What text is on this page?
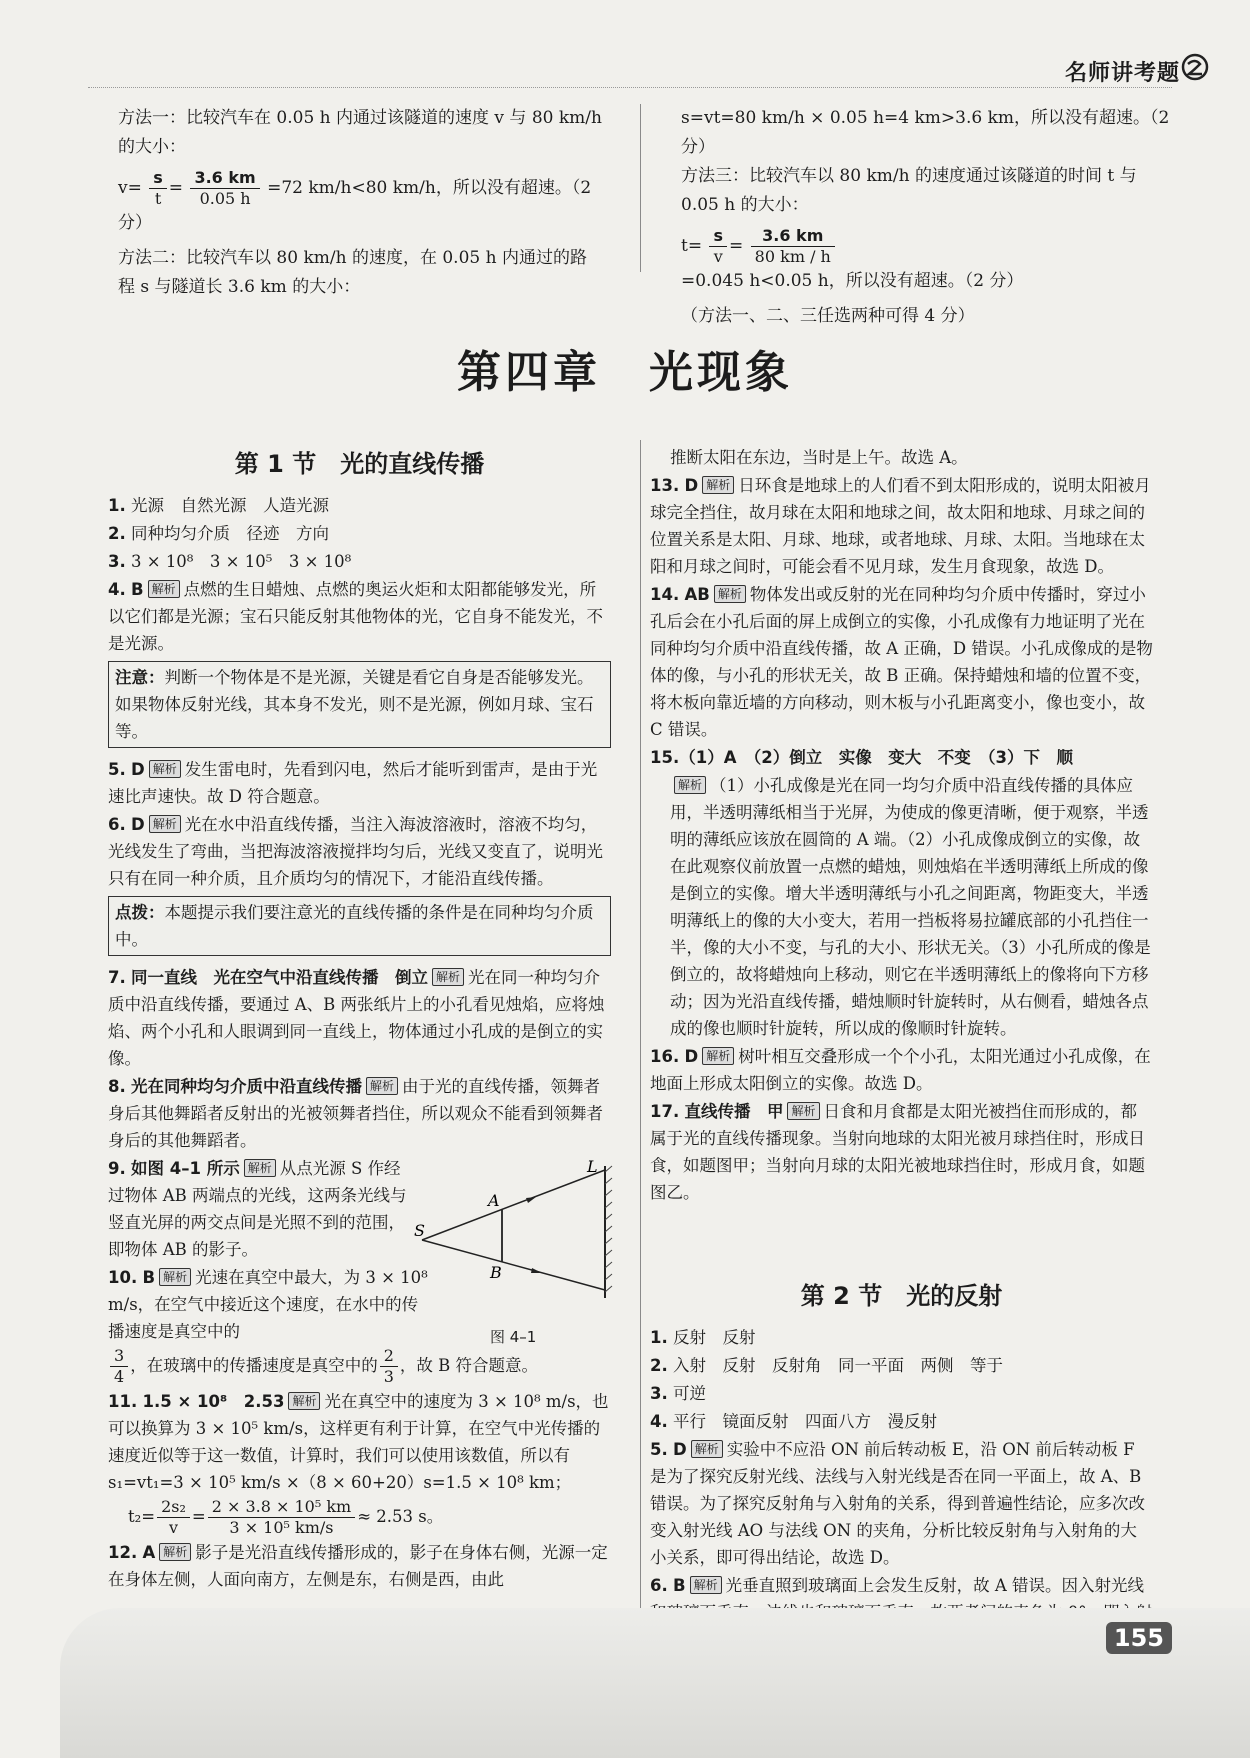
名师讲考题
方法一：比较汽车在 0.05 h 内通过该隧道的速度 v 与 80 km/h
的大小：
$v= \frac{s}{t} = \frac{3.6 km}{0.05 h} =72$ km/h<80 km/h，所以没有超速。（2 分）
方法二：比较汽车以 80 km/h 的速度，在 0.05 h 内通过的路
程 s 与隧道长 3.6 km 的大小：
s=vt=80 km/h × 0.05 h=4 km>3.6 km，所以没有超速。（2 分）
方法三：比较汽车以 80 km/h 的速度通过该隧道的时间 t 与
0.05 h 的大小：
$t= \frac{s}{v} = \frac{3.6 km}{80 km / h}$
=0.045 h<0.05 h，所以没有超速。（2 分）
（方法一、二、三任选两种可得 4 分）
第四章　光现象
第 1 节　光的直线传播

1. 光源　自然光源　人造光源

2. 同种均匀介质　径迹　方向

3. 3 × 10⁸　3 × 10⁵　3 × 10⁸

4. B 解析 点燃的生日蜡烛、点燃的奥运火炬和太阳都能够发光，所以它们都是光源；宝石只能反射其他物体的光，它自身不能发光，不是光源。

注意：判断一个物体是不是光源，关键是看它自身是否能够发光。如果物体反射光线，其本身不发光，则不是光源，例如月球、宝石等。

5. D 解析 发生雷电时，先看到闪电，然后才能听到雷声，是由于光速比声速快。故 D 符合题意。

6. D 解析 光在水中沿直线传播，当注入海波溶液时，溶液不均匀，光线发生了弯曲，当把海波溶液搅拌均匀后，光线又变直了，说明光只有在同一种介质，且介质均匀的情况下，才能沿直线传播。

点拨：本题提示我们要注意光的直线传播的条件是在同种均匀介质中。

7. 同一直线　光在空气中沿直线传播　倒立 解析 光在同一种均匀介质中沿直线传播，要通过 A、B 两张纸片上的小孔看见烛焰，应将烛焰、两个小孔和人眼调到同一直线上，物体通过小孔成的是倒立的实像。

8. 光在同种均匀介质中沿直线传播 解析 由于光的直线传播，领舞者身后其他舞蹈者反射出的光被领舞者挡住，所以观众不能看到领舞者身后的其他舞蹈者。

9. 如图 4–1 所示 解析 从点光源 S 作经过物体 AB 两端点的光线，这两条光线与竖直光屏的两交点间是光照不到的范围，即物体 AB 的影子。

10. B 解析 光速在真空中最大，为 3 × 10⁸ m/s，在空气中接近这个速度，在水中的传播速度是真空中的

$\frac{3}{4}$ ，在玻璃中的传播速度是真空中的 $\frac{2}{3}$ ，故 B 符合题意。

11. 1.5 × 10⁸　2.53 解析 光在真空中的速度为 3 × 10⁸ m/s，也可以换算为 3 × 10⁵ km/s，这样更有利于计算，在空气中光传播的速度近似等于这一数值，计算时，我们可以使用该数值，所以有 s₁=vt₁=3 × 10⁵ km/s ×（8 × 60+20）s=1.5 × 10⁸ km；

$t_2= \frac{\text{2s₂}}{v} = \frac{\text{2 × 3.8 × 10⁵ km}}{\text{3 × 10⁵ km/s}} \approx 2.53$ s。

12. A 解析 影子是光沿直线传播形成的，影子在身体右侧，光源一定在身体左侧，人面向南方，左侧是东，右侧是西，由此

S
A
B
L
图 4–1

推断太阳在东边，当时是上午。故选 A。

13. D 解析 日环食是地球上的人们看不到太阳形成的，说明太阳被月球完全挡住，故月球在太阳和地球之间，故太阳和地球、月球之间的位置关系是太阳、月球、地球，或者地球、月球、太阳。当地球在太阳和月球之间时，可能会看不见月球，发生月食现象，故选 D。

14. AB 解析 物体发出或反射的光在同种均匀介质中传播时，穿过小孔后会在小孔后面的屏上成倒立的实像，小孔成像有力地证明了光在同种均匀介质中沿直线传播，故 A 正确，D 错误。小孔成像成的是物体的像，与小孔的形状无关，故 B 正确。保持蜡烛和墙的位置不变，将木板向靠近墙的方向移动，则木板与小孔距离变小，像也变小，故 C 错误。

15.（1）A　（2）倒立　实像　变大　不变　（3）下　顺

解析 （1）小孔成像是光在同一均匀介质中沿直线传播的具体应用，半透明薄纸相当于光屏，为使成的像更清晰，便于观察，半透明的薄纸应该放在圆筒的 A 端。（2）小孔成像成倒立的实像，故在此观察仪前放置一点燃的蜡烛，则烛焰在半透明薄纸上所成的像是倒立的实像。增大半透明薄纸与小孔之间距离，物距变大，半透明薄纸上的像的大小变大，若用一挡板将易拉罐底部的小孔挡住一半，像的大小不变，与孔的大小、形状无关。（3）小孔所成的像是倒立的，故将蜡烛向上移动，则它在半透明薄纸上的像将向下方移动；因为光沿直线传播，蜡烛顺时针旋转时，从右侧看，蜡烛各点成的像也顺时针旋转，所以成的像顺时针旋转。

16. D 解析 树叶相互交叠形成一个个小孔，太阳光通过小孔成像，在地面上形成太阳倒立的实像。故选 D。

17. 直线传播　甲 解析 日食和月食都是太阳光被挡住而形成的，都属于光的直线传播现象。当射向地球的太阳光被月球挡住时，形成日食，如题图甲；当射向月球的太阳光被地球挡住时，形成月食，如题图乙。

第 2 节　光的反射

1. 反射　反射

2. 入射　反射　反射角　同一平面　两侧　等于

3. 可逆

4. 平行　镜面反射　四面八方　漫反射

5. D 解析 实验中不应沿 ON 前后转动板 E，沿 ON 前后转动板 F 是为了探究反射光线、法线与入射光线是否在同一平面上，故 A、B 错误。为了探究反射角与入射角的关系，得到普遍性结论，应多次改变入射光线 AO 与法线 ON 的夹角，分析比较反射角与入射角的大小关系，即可得出结论，故选 D。

6. B 解析 光垂直照到玻璃面上会发生反射，故 A 错误。因入射光线

155
